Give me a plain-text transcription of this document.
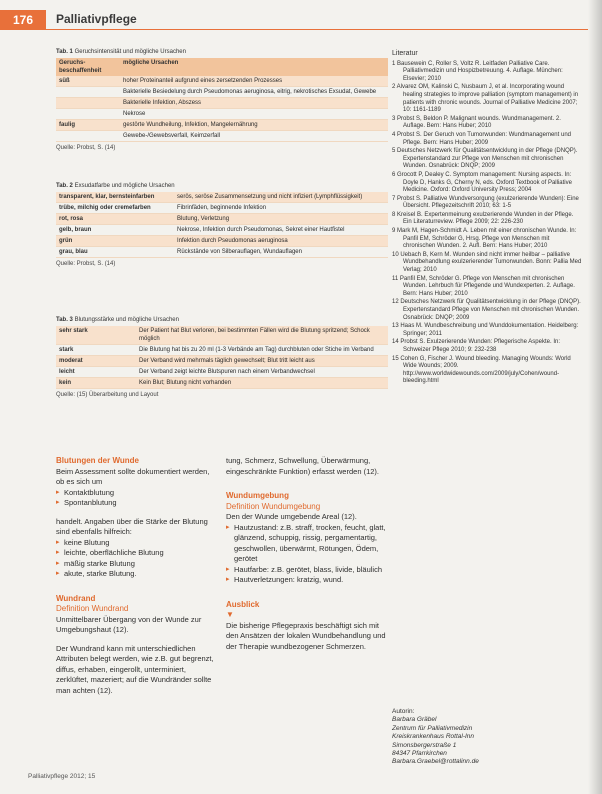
176	Palliativpflege
Tab. 1 Geruchsintensität und mögliche Ursachen
Geruchs- beschaffenheit	mögliche Ursachen
süß	hoher Proteinanteil aufgrund eines zersetzenden Prozesses
	Bakterielle Besiedelung durch Pseudomonas aeruginosa, eitrig, nekrotisches Exsudat, Gewebe
	Bakterielle Infektion, Abszess
	Nekrose
faulig	gestörte Wundheilung, Infektion, Mangelernährung
	Gewebe-/Gewebsverfall, Keimzerfall
Quelle: Probst, S. (14)
Tab. 2 Exsudatfarbe und mögliche Ursachen
transparent, klar, bernsteinfarben	serös, seröse Zusammensetzung und nicht infiziert (Lymphflüssigkeit)
trübe, milchig oder cremefarben	Fibrinfäden, beginnende Infektion
rot, rosa	Blutung, Verletzung
gelb, braun	Nekrose, Infektion durch Pseudomonas, Sekret einer Hautfistel
grün	Infektion durch Pseudomonas aeruginosa
grau, blau	Rückstände von Silberauflagen, Wundauflagen
Quelle: Probst, S. (14)
Tab. 3 Blutungsstärke und mögliche Ursachen
sehr stark	Der Patient hat Blut verloren, bei bestimmten Fällen wird die Blutung spritzend; Schock möglich
stark	Die Blutung hat bis zu 20 ml (1-3 Verbände am Tag) durchbluten oder Stiche im Verband
moderat	Der Verband wird mehrmals täglich gewechselt; Blut tritt leicht aus
leicht	Der Verband zeigt leichte Blutspuren nach einem Verbandwechsel
kein	Kein Blut; Blutung nicht vorhanden
Quelle: (15) Überarbeitung und Layout

Blutungen der Wunde

Beim Assessment sollte dokumentiert werden, ob es sich um

▸ Kontaktblutung
▸ Spontanblutung

handelt. Angaben über die Stärke der Blutung sind ebenfalls hilfreich:

▸ keine Blutung
▸ leichte, oberflächliche Blutung
▸ mäßig starke Blutung
▸ akute, starke Blutung.

Wundrand

Definition Wundrand

Unmittelbarer Übergang von der Wunde zur Umgebungshaut (12).

Der Wundrand kann mit unterschiedlichen Attributen belegt werden, wie z.B. gut begrenzt, diffus, erhaben, eingerollt, unterminiert, zerklüftet, mazeriert; auf die Wundränder sollte man achten (12).

tung, Schmerz, Schwellung, Überwärmung, eingeschränkte Funktion) erfasst werden (12).

Wundumgebung

Definition Wundumgebung

Den der Wunde umgebende Areal (12).

▸ Hautzustand: z.B. straff, trocken, feucht, glatt, glänzend, schuppig, rissig, pergamentartig, geschwollen, überwärmt, Rötungen, Ödem, gerötet
▸ Hautfarbe: z.B. gerötet, blass, livide, bläulich
▸ Hautverletzungen: kratzig, wund.

Ausblick

▼

Die bisherige Pflegepraxis beschäftigt sich mit den Ansätzen der lokalen Wundbehandlung und der Therapie wundbezogener Schmerzen.

Literatur
1 Bausewein C, Roller S, Voltz R. Leitfaden Palliative Care. Palliativmedizin und Hospizbetreuung. 4. Auflage. München: Elsevier; 2010
2 Alvarez OM, Kalinski C, Nusbaum J, et al. Incorporating wound healing strategies to improve palliation (symptom management) in patients with chronic wounds. Journal of Palliative Medicine 2007; 10: 1161-1189
3 Probst S, Beldon P. Malignant wounds. Wundmanagement. 2. Auflage. Bern: Hans Huber; 2010
4 Probst S. Der Geruch von Tumorwunden: Wundmanagement und Pflege. Bern: Hans Huber; 2009
5 Deutsches Netzwerk für Qualitätsentwicklung in der Pflege (DNQP). Expertenstandard zur Pflege von Menschen mit chronischen Wunden. Osnabrück: DNQP; 2009
6 Grocott P, Dealey C. Symptom management: Nursing aspects. In: Doyle D, Hanks G, Cherny N, eds. Oxford Textbook of Palliative Medicine. Oxford: Oxford University Press; 2004
7 Probst S. Palliative Wundversorgung (exulzerierende Wunden): Eine Übersicht. Pflegezeitschrift 2010; 63: 1-5
8 Kreisel B. Expertenmeinung exulzerierende Wunden in der Pflege. Ein Literaturreview. Pflege 2009; 22: 226-230
9 Mark M, Hagen-Schmidt A. Leben mit einer chronischen Wunde. In: Panfil EM, Schröder G, Hrsg. Pflege von Menschen mit chronischen Wunden. 2. Aufl. Bern: Hans Huber; 2010
10 Uebach B, Kern M. Wunden sind nicht immer heilbar – palliative Wundbehandlung exulzerierender Tumorwunden. Bonn: Pallia Med Verlag; 2010
11 Panfil EM, Schröder G. Pflege von Menschen mit chronischen Wunden. Lehrbuch für Pflegende und Wundexperten. 2. Auflage. Bern: Hans Huber; 2010
12 Deutsches Netzwerk für Qualitätsentwicklung in der Pflege (DNQP). Expertenstandard Pflege von Menschen mit chronischen Wunden. Osnabrück: DNQP; 2009
13 Haas M. Wundbeschreibung und Wunddokumentation. Heidelberg: Springer; 2011
14 Probst S. Exulzerierende Wunden: Pflegerische Aspekte. In: Schweizer Pflege 2010; 9: 232-238
15 Cohen G, Fischer J. Wound bleeding. Managing Wounds: World Wide Wounds; 2009. http://www.worldwidewounds.com/2009/july/Cohen/wound-bleeding.html
Autorin:
Barbara Gräbel
Zentrum für Palliativmedizin
Kreiskrankenhaus Rottal-Inn
Simonsbergerstraße 1
84347 Pfarrkirchen
Barbara.Graebel@rottalinn.de
Palliativpflege 2012; 15
